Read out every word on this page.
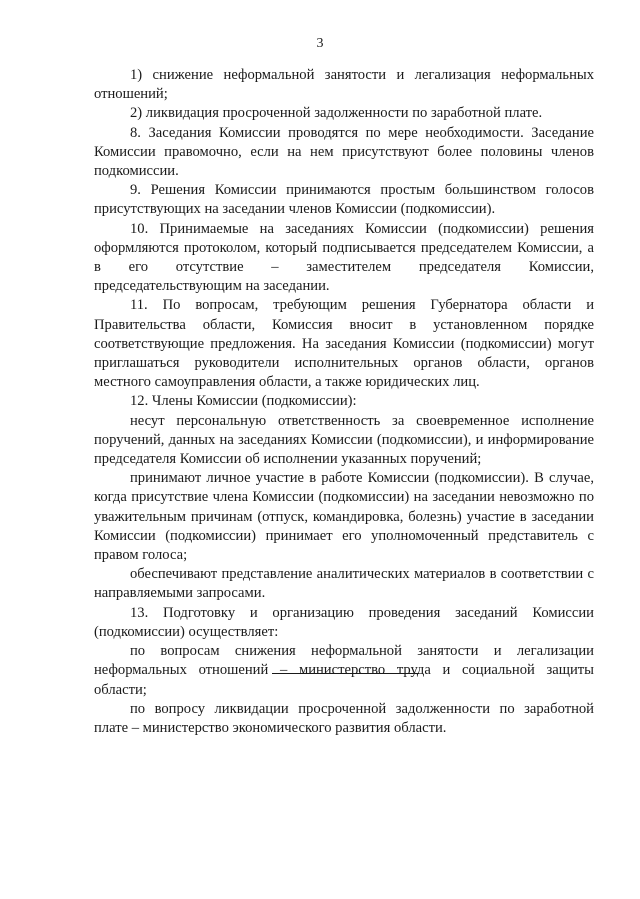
3

1) снижение неформальной занятости и легализация неформальных отношений;

2) ликвидация просроченной задолженности по заработной плате.

8. Заседания Комиссии проводятся по мере необходимости. Заседание Комиссии правомочно, если на нем присутствуют более половины членов подкомиссии.

9. Решения Комиссии принимаются простым большинством голосов присутствующих на заседании членов Комиссии (подкомиссии).

10. Принимаемые на заседаниях Комиссии (подкомиссии) решения оформляются протоколом, который подписывается председателем Комиссии, а в его отсутствие – заместителем председателя Комиссии, председательствующим на заседании.

11. По вопросам, требующим решения Губернатора области и Правительства области, Комиссия вносит в установленном порядке соответствующие предложения. На заседания Комиссии (подкомиссии) могут приглашаться руководители исполнительных органов области, органов местного самоуправления области, а также юридических лиц.

12. Члены Комиссии (подкомиссии):

несут персональную ответственность за своевременное исполнение поручений, данных на заседаниях Комиссии (подкомиссии), и информирование председателя Комиссии об исполнении указанных поручений;

принимают личное участие в работе Комиссии (подкомиссии). В случае, когда присутствие члена Комиссии (подкомиссии) на заседании невозможно по уважительным причинам (отпуск, командировка, болезнь) участие в заседании Комиссии (подкомиссии) принимает его уполномоченный представитель с правом голоса;

обеспечивают представление аналитических материалов в соответствии с направляемыми запросами.

13. Подготовку и организацию проведения заседаний Комиссии (подкомиссии) осуществляет:

по вопросам снижения неформальной занятости и легализации неформальных отношений – министерство труда и социальной защиты области;

по вопросу ликвидации просроченной задолженности по заработной плате – министерство экономического развития области.
